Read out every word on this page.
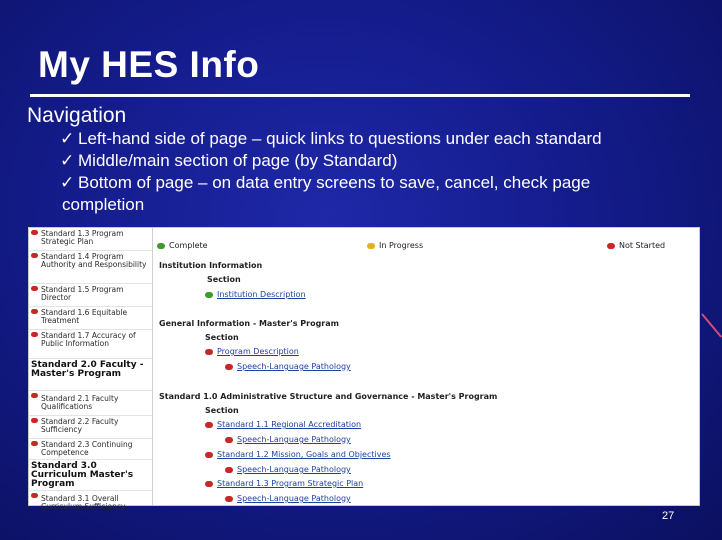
My HES Info
Navigation
✓ Left-hand side of page – quick links to questions under each standard
✓ Middle/main section of page (by Standard)
✓ Bottom of page – on data entry screens to save, cancel, check page
completion
Standard 1.3 Program Strategic Plan
Standard 1.4 Program Authority and Responsibility
Standard 1.5 Program Director
Standard 1.6 Equitable Treatment
Standard 1.7 Accuracy of Public Information
Standard 2.0 Faculty - Master's Program
Standard 2.1 Faculty Qualifications
Standard 2.2 Faculty Sufficiency
Standard 2.3 Continuing Competence
Standard 3.0 Curriculum Master's Program
Standard 3.1 Overall Curriculum Sufficiency
Complete	In Progress	Not Started
Institution Information
Section
Institution Description
General Information - Master's Program
Section
Program Description
Speech-Language Pathology
Standard 1.0 Administrative Structure and Governance - Master's Program
Section
Standard 1.1 Regional Accreditation
Speech-Language Pathology
Standard 1.2 Mission, Goals and Objectives
Speech-Language Pathology
Standard 1.3 Program Strategic Plan
Speech-Language Pathology
27
